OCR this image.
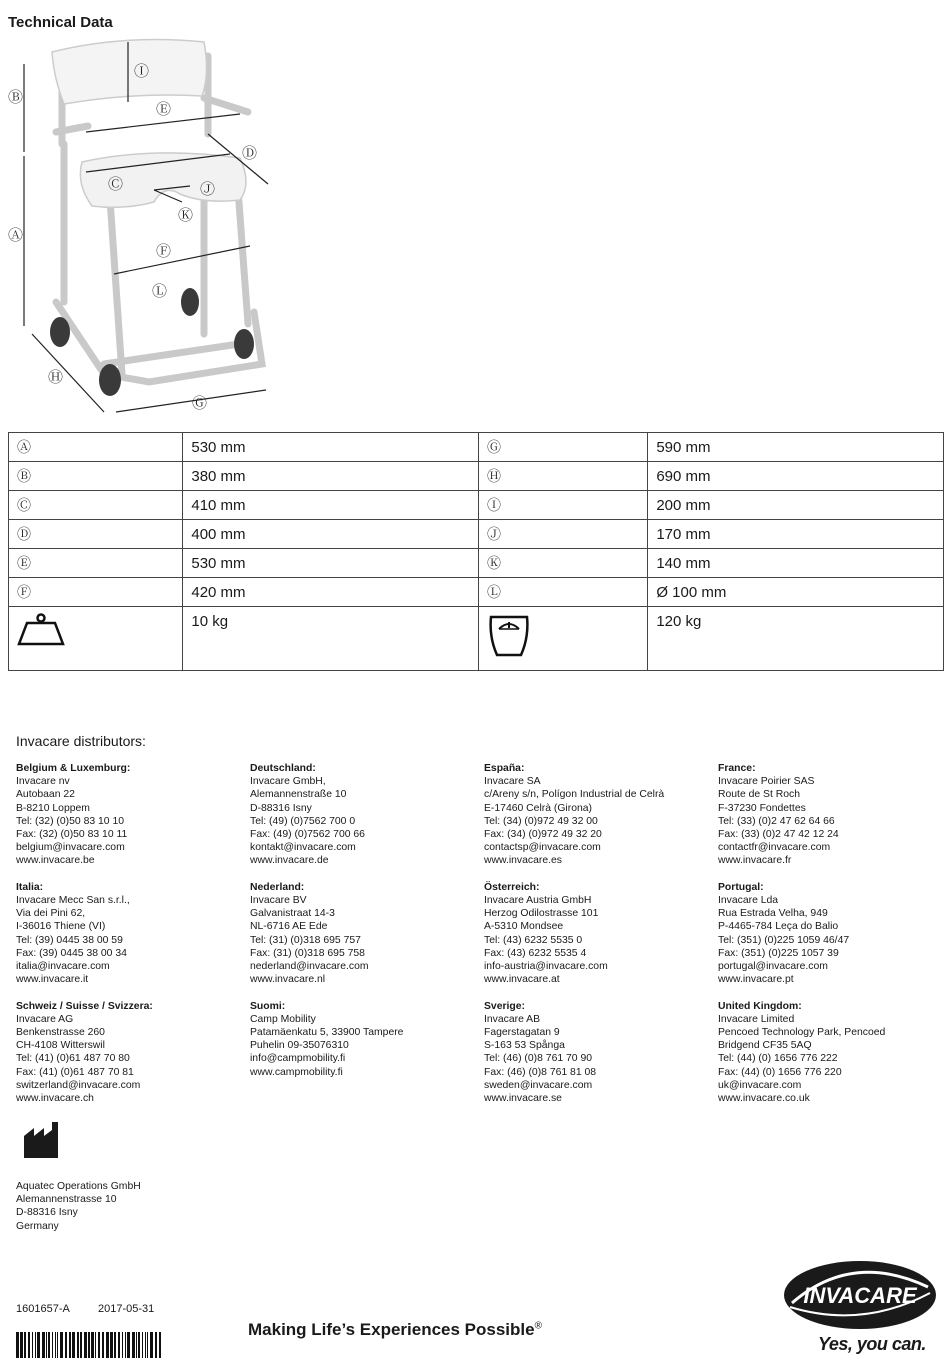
Technical Data
Ⓑ
Ⓐ
Ⓘ
Ⓔ
Ⓓ
Ⓒ	Ⓙ
Ⓚ
Ⓕ
Ⓛ
Ⓗ
Ⓖ
Ⓐ	530 mm	Ⓖ	590 mm
Ⓑ	380 mm	Ⓗ	690 mm
Ⓒ	410 mm	Ⓘ	200 mm
Ⓓ	400 mm	Ⓙ	170 mm
Ⓔ	530 mm	Ⓚ	140 mm
Ⓕ	420 mm	Ⓛ	Ø 100 mm
	10 kg		120 kg
Invacare distributors:
Belgium & Luxemburg:
Invacare nv
Autobaan 22
B-8210 Loppem
Tel: (32) (0)50 83 10 10
Fax: (32) (0)50 83 10 11
belgium@invacare.com
www.invacare.be
Italia:
Invacare Mecc San s.r.l.,
Via dei Pini 62,
I-36016 Thiene (VI)
Tel: (39) 0445 38 00 59
Fax: (39) 0445 38 00 34
italia@invacare.com
www.invacare.it
Schweiz / Suisse / Svizzera:
Invacare AG
Benkenstrasse 260
CH-4108 Witterswil
Tel: (41) (0)61 487 70 80
Fax: (41) (0)61 487 70 81
switzerland@invacare.com
www.invacare.ch
Deutschland:
Invacare GmbH,
Alemannenstraße 10
D-88316 Isny
Tel: (49) (0)7562 700 0
Fax: (49) (0)7562 700 66
kontakt@invacare.com
www.invacare.de
Nederland:
Invacare BV
Galvanistraat 14-3
NL-6716 AE Ede
Tel: (31) (0)318 695 757
Fax: (31) (0)318 695 758
nederland@invacare.com
www.invacare.nl
Suomi:
Camp Mobility
Patamäenkatu 5, 33900 Tampere
Puhelin 09-35076310
info@campmobility.fi
www.campmobility.fi
España:
Invacare SA
c/Areny s/n, Polígon Industrial de Celrà
E-17460 Celrà (Girona)
Tel: (34) (0)972 49 32 00
Fax: (34) (0)972 49 32 20
contactsp@invacare.com
www.invacare.es
Österreich:
Invacare Austria GmbH
Herzog Odilostrasse 101
A-5310 Mondsee
Tel: (43) 6232 5535 0
Fax: (43) 6232 5535 4
info-austria@invacare.com
www.invacare.at
Sverige:
Invacare AB
Fagerstagatan 9
S-163 53 Spånga
Tel: (46) (0)8 761 70 90
Fax: (46) (0)8 761 81 08
sweden@invacare.com
www.invacare.se
France:
Invacare Poirier SAS
Route de St Roch
F-37230 Fondettes
Tel: (33) (0)2 47 62 64 66
Fax: (33) (0)2 47 42 12 24
contactfr@invacare.com
www.invacare.fr
Portugal:
Invacare Lda
Rua Estrada Velha, 949
P-4465-784 Leça do Balio
Tel: (351) (0)225 1059 46/47
Fax: (351) (0)225 1057 39
portugal@invacare.com
www.invacare.pt
United Kingdom:
Invacare Limited
Pencoed Technology Park, Pencoed
Bridgend CF35 5AQ
Tel: (44) (0) 1656 776 222
Fax: (44) (0) 1656 776 220
uk@invacare.com
www.invacare.co.uk
Aquatec Operations GmbH
Alemannenstrasse 10
D-88316 Isny
Germany
1601657-A	2017-05-31
Making Life’s Experiences Possible®
INVACARE
Yes, you can.
